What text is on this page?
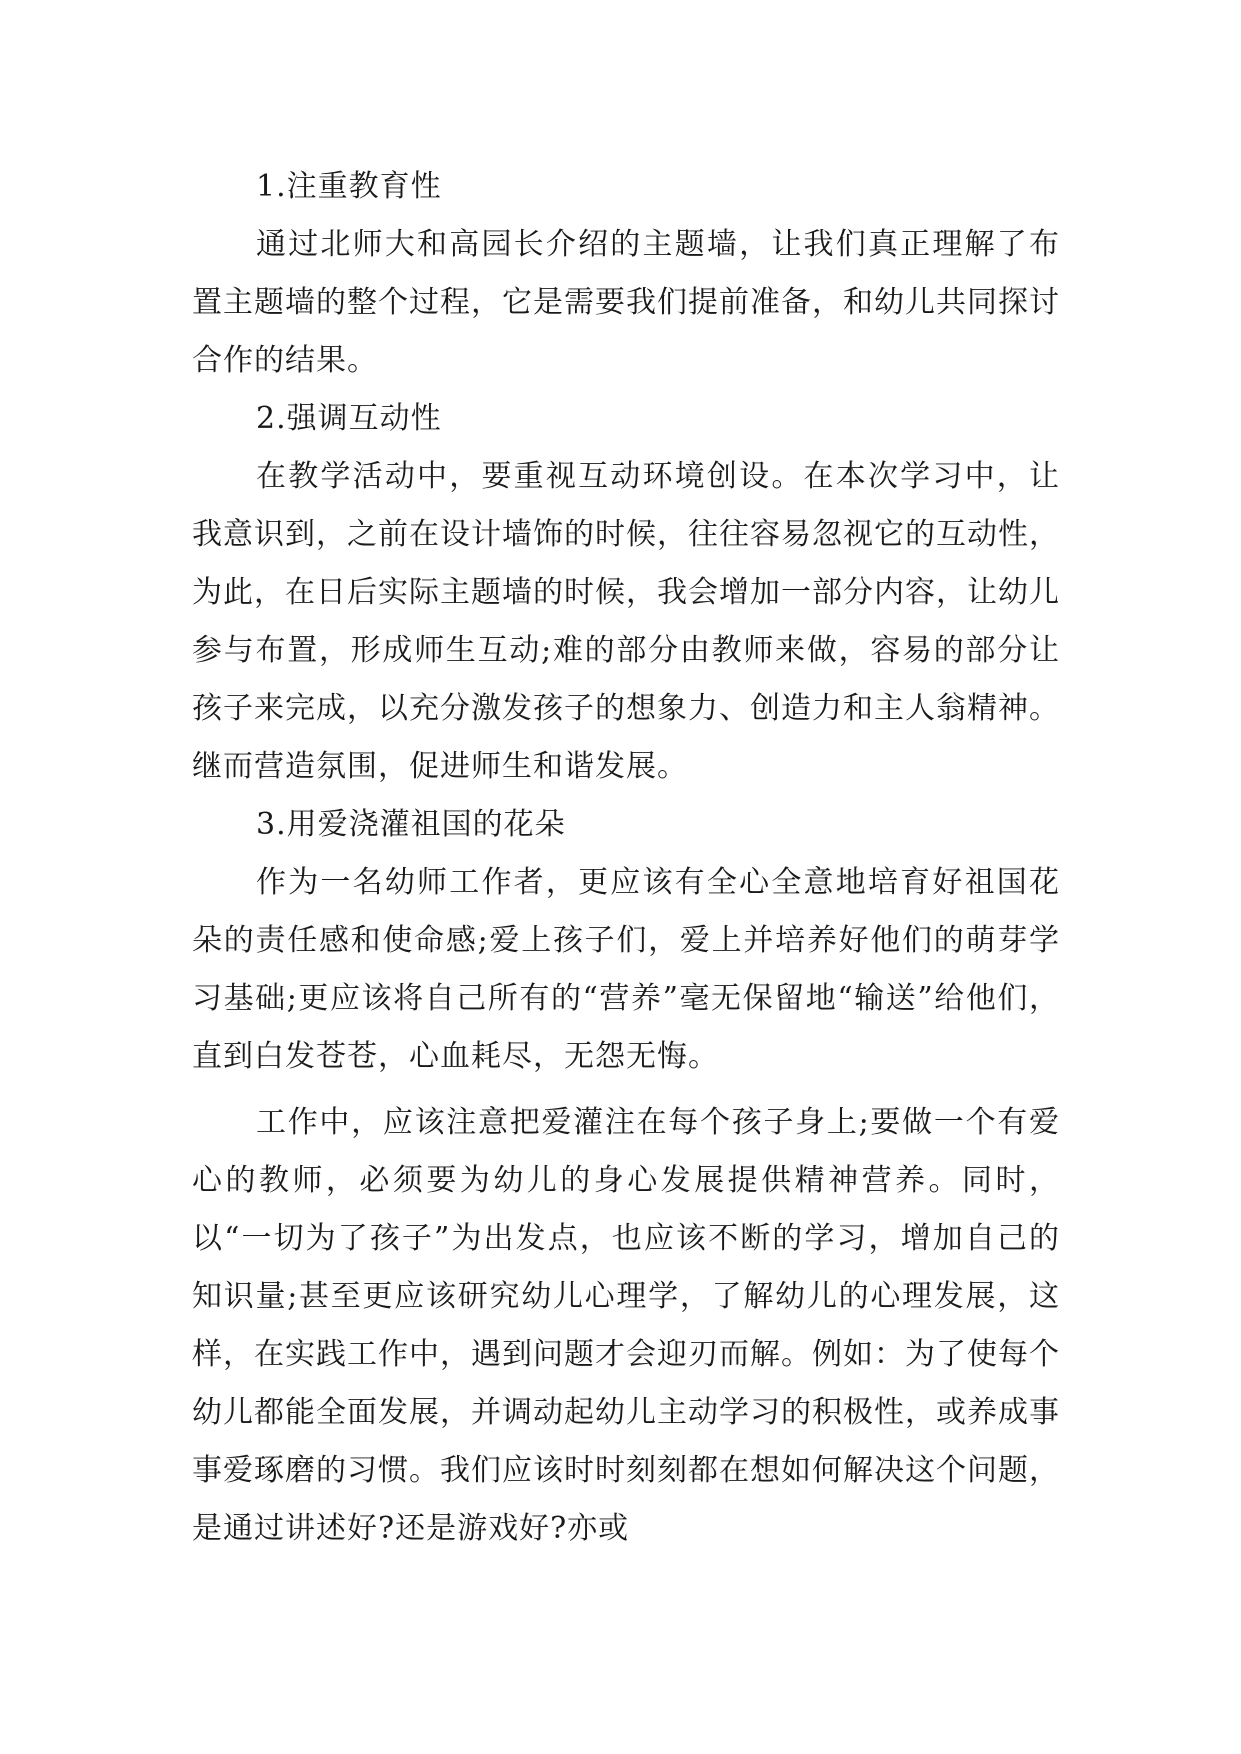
1.注重教育性

通过北师大和高园长介绍的主题墙，让我们真正理解了布置主题墙的整个过程，它是需要我们提前准备，和幼儿共同探讨合作的结果。

2.强调互动性

在教学活动中，要重视互动环境创设。在本次学习中，让我意识到，之前在设计墙饰的时候，往往容易忽视它的互动性，为此，在日后实际主题墙的时候，我会增加一部分内容，让幼儿参与布置，形成师生互动;难的部分由教师来做，容易的部分让孩子来完成，以充分激发孩子的想象力、创造力和主人翁精神。继而营造氛围，促进师生和谐发展。

3.用爱浇灌祖国的花朵

作为一名幼师工作者，更应该有全心全意地培育好祖国花朵的责任感和使命感;爱上孩子们，爱上并培养好他们的萌芽学习基础;更应该将自己所有的“营养”毫无保留地“输送”给他们，直到白发苍苍，心血耗尽，无怨无悔。

工作中，应该注意把爱灌注在每个孩子身上;要做一个有爱心的教师，必须要为幼儿的身心发展提供精神营养。同时，以“一切为了孩子”为出发点，也应该不断的学习，增加自己的知识量;甚至更应该研究幼儿心理学，了解幼儿的心理发展，这样，在实践工作中，遇到问题才会迎刃而解。例如：为了使每个幼儿都能全面发展，并调动起幼儿主动学习的积极性，或养成事事爱琢磨的习惯。我们应该时时刻刻都在想如何解决这个问题，是通过讲述好?还是游戏好?亦或
